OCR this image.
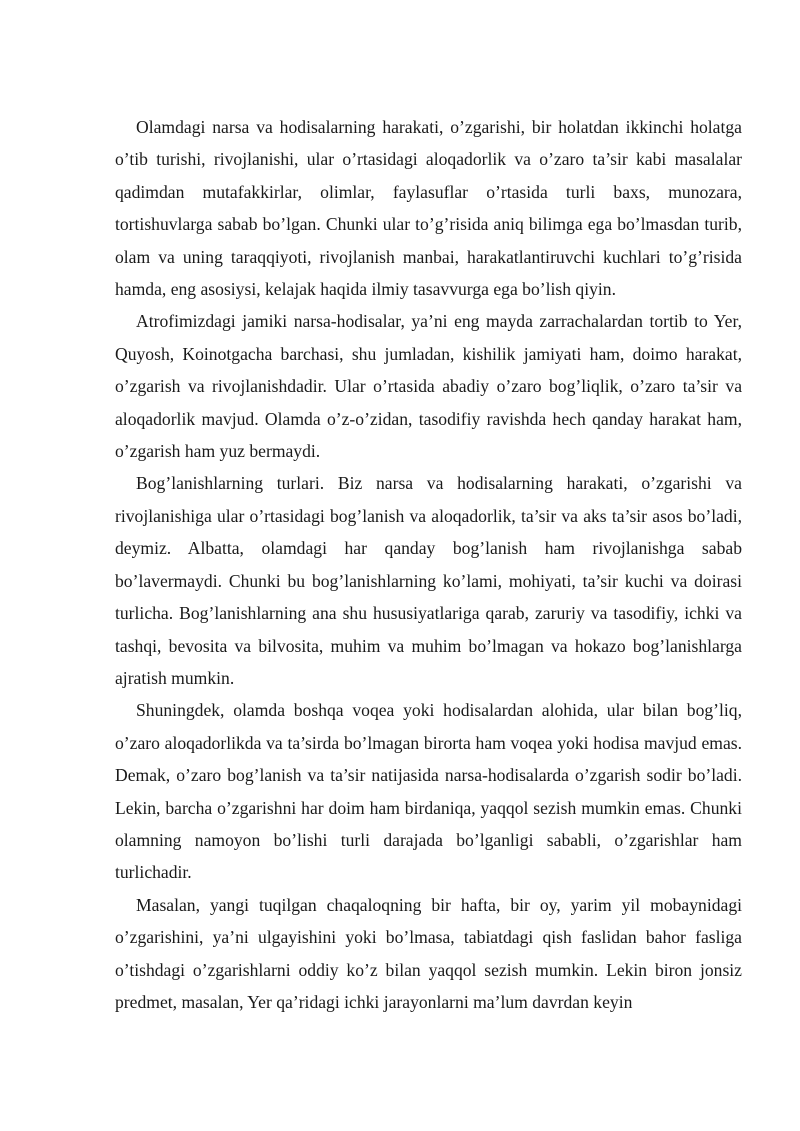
Olamdagi narsa va hodisalarning harakati, o’zgarishi, bir holatdan ikkinchi holatga o’tib turishi, rivojlanishi, ular o’rtasidagi aloqadorlik va o’zaro ta’sir kabi masalalar qadimdan mutafakkirlar, olimlar, faylasuflar o’rtasida turli baxs, munozara, tortishuvlarga sabab bo’lgan. Chunki ular to’g’risida aniq bilimga ega bo’lmasdan turib, olam va uning taraqqiyoti, rivojlanish manbai, harakatlantiruvchi kuchlari to’g’risida hamda, eng asosiysi, kelajak haqida ilmiy tasavvurga ega bo’lish qiyin.

Atrofimizdagi jamiki narsa-hodisalar, ya’ni eng mayda zarrachalardan tortib to Yer, Quyosh, Koinotgacha barchasi, shu jumladan, kishilik jamiyati ham, doimo harakat, o’zgarish va rivojlanishdadir. Ular o’rtasida abadiy o’zaro bog’liqlik, o’zaro ta’sir va aloqadorlik mavjud. Olamda o’z-o’zidan, tasodifiy ravishda hech qanday harakat ham, o’zgarish ham yuz bermaydi.

Bog’lanishlarning turlari. Biz narsa va hodisalarning harakati, o’zgarishi va rivojlanishiga ular o’rtasidagi bog’lanish va aloqadorlik, ta’sir va aks ta’sir asos bo’ladi, deymiz. Albatta, olamdagi har qanday bog’lanish ham rivojlanishga sabab bo’lavermaydi. Chunki bu bog’lanishlarning ko’lami, mohiyati, ta’sir kuchi va doirasi turlicha. Bog’lanishlarning ana shu hususiyatlariga qarab, zaruriy va tasodifiy, ichki va tashqi, bevosita va bilvosita, muhim va muhim bo’lmagan va hokazo bog’lanishlarga ajratish mumkin.

Shuningdek, olamda boshqa voqea yoki hodisalardan alohida, ular bilan bog’liq, o’zaro aloqadorlikda va ta’sirda bo’lmagan birorta ham voqea yoki hodisa mavjud emas. Demak, o’zaro bog’lanish va ta’sir natijasida narsa-hodisalarda o’zgarish sodir bo’ladi. Lekin, barcha o’zgarishni har doim ham birdaniqa, yaqqol sezish mumkin emas. Chunki olamning namoyon bo’lishi turli darajada bo’lganligi sababli, o’zgarishlar ham turlichadir.

Masalan, yangi tuqilgan chaqaloqning bir hafta, bir oy, yarim yil mobaynidagi o’zgarishini, ya’ni ulgayishini yoki bo’lmasa, tabiatdagi qish faslidan bahor fasliga o’tishdagi o’zgarishlarni oddiy ko’z bilan yaqqol sezish mumkin. Lekin biron jonsiz predmet, masalan, Yer qa’ridagi ichki jarayonlarni ma’lum davrdan keyin
